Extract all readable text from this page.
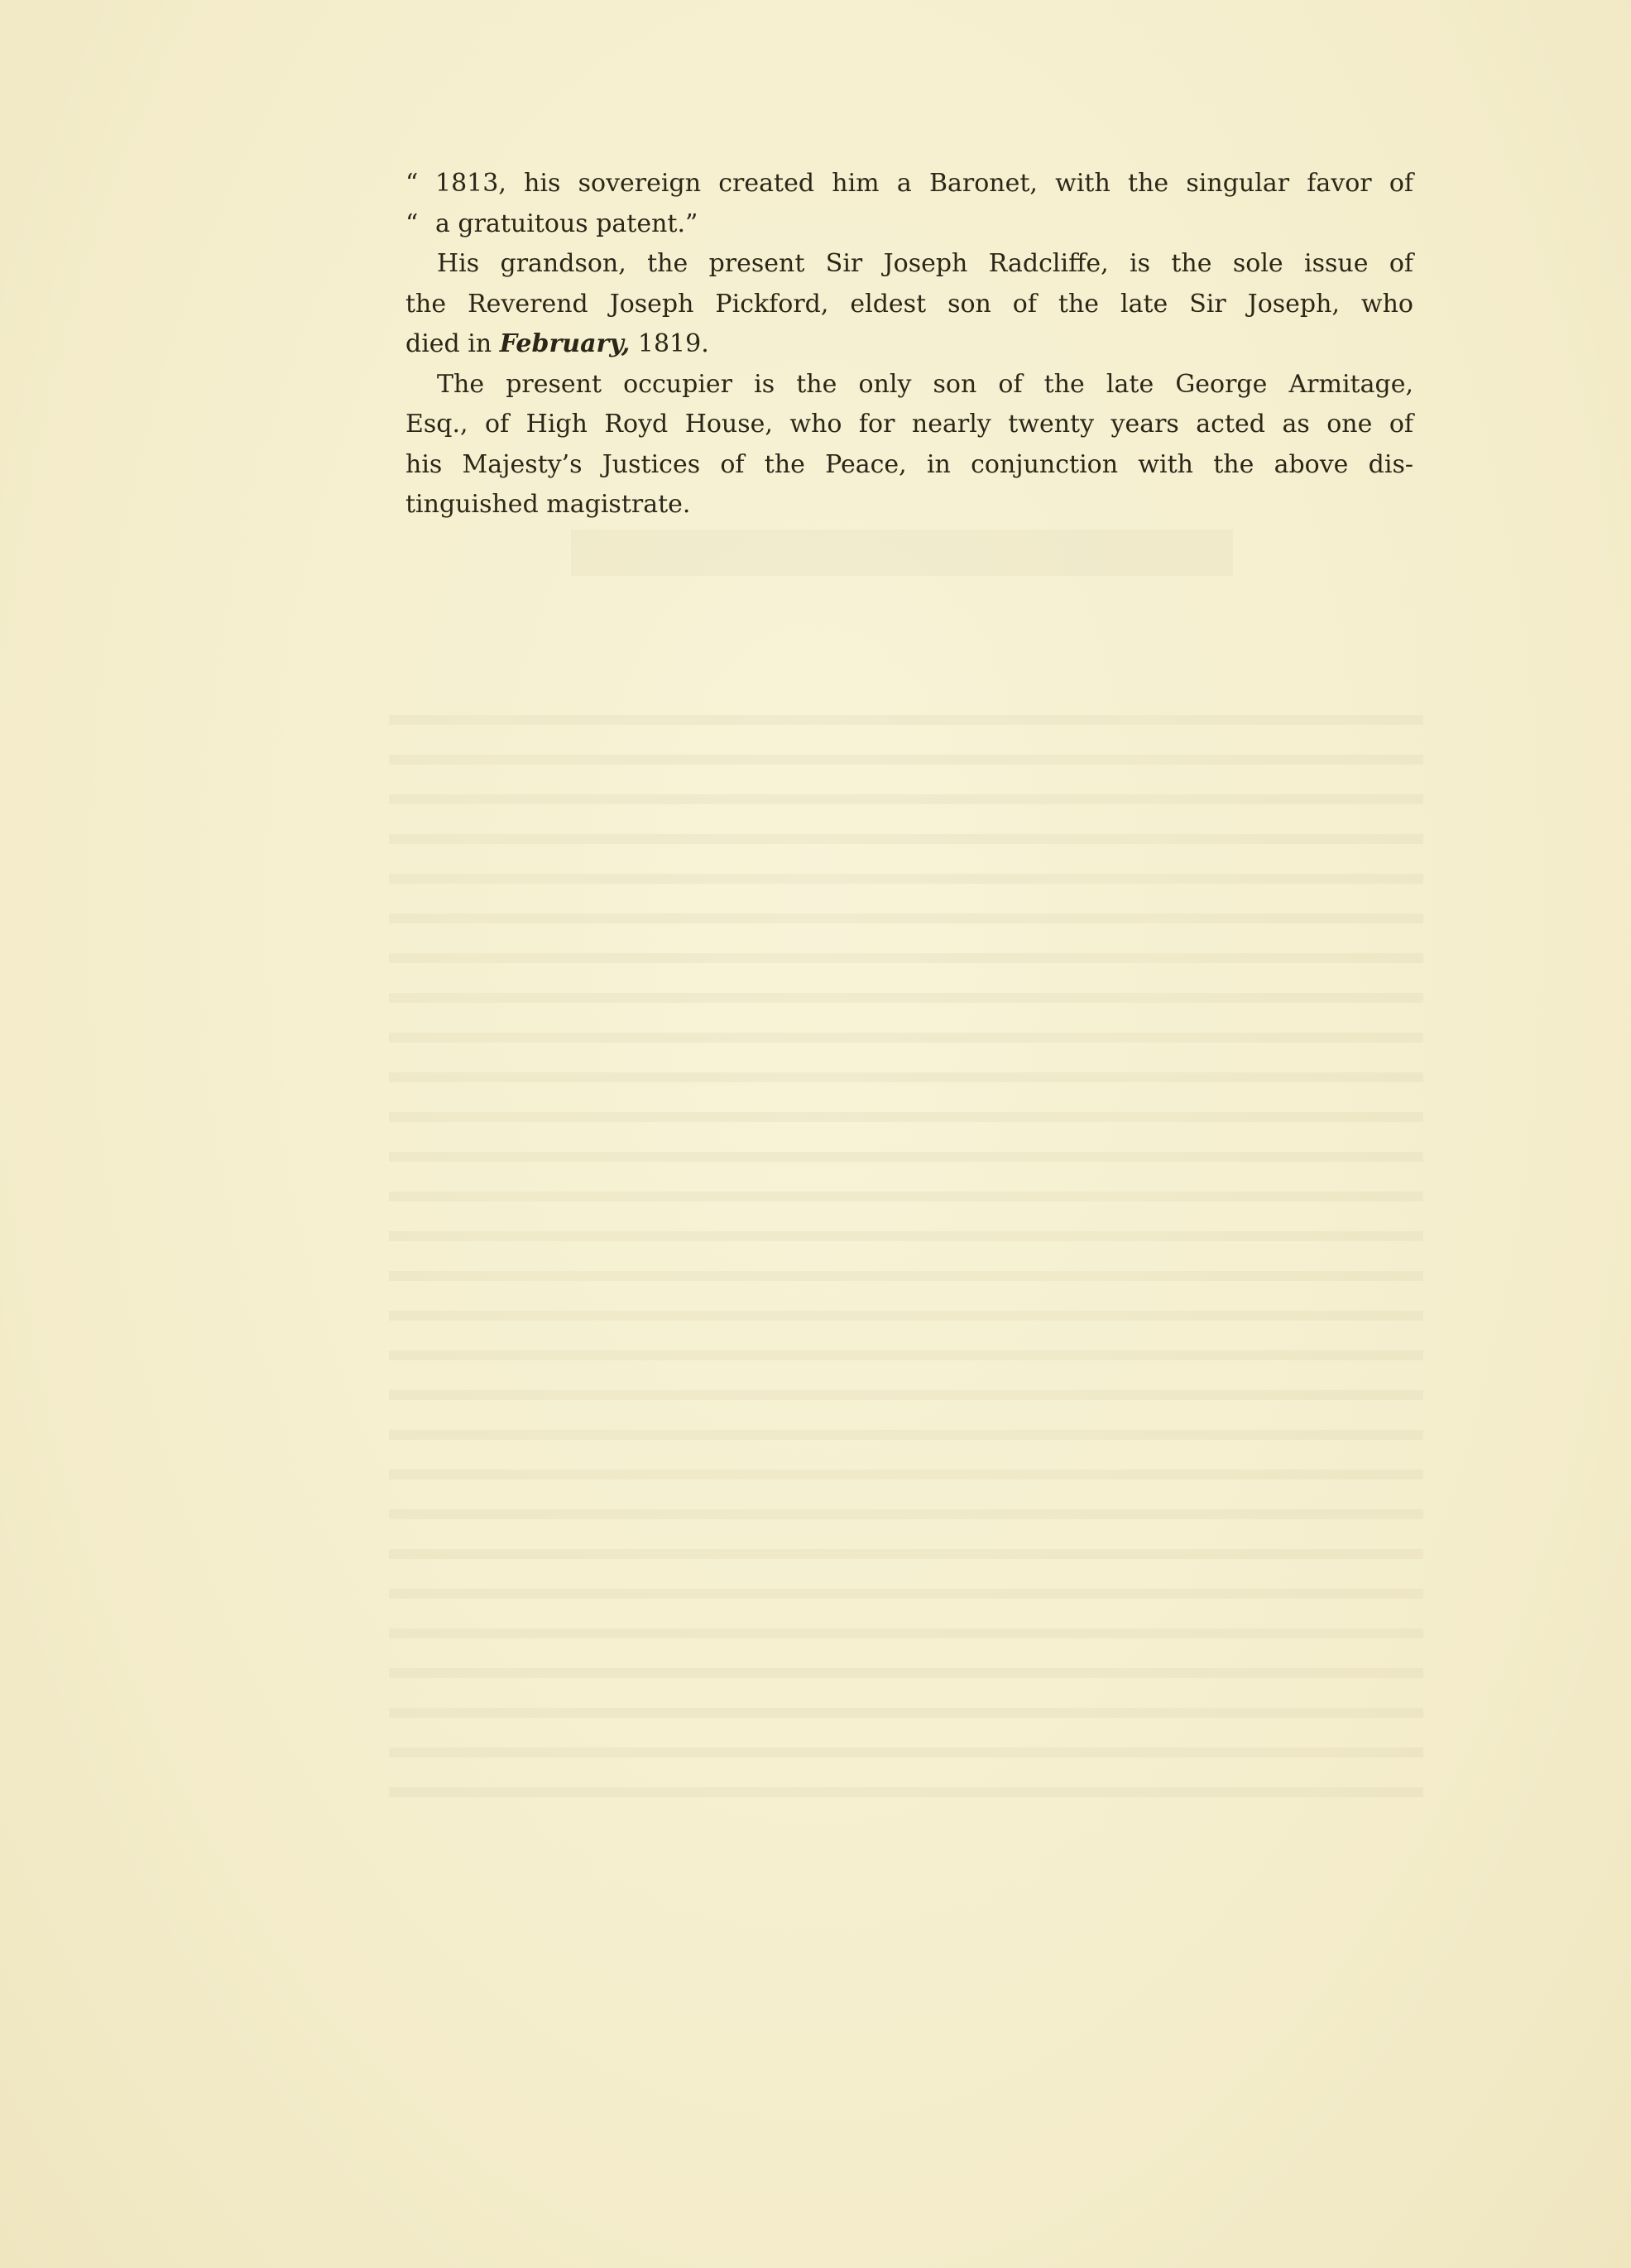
“ 1813, his sovereign created him a Baronet, with the singular favor of
“ a gratuitous patent.”
His grandson, the present Sir Joseph Radcliffe, is the sole issue of
the Reverend Joseph Pickford, eldest son of the late Sir Joseph, who
died in February, 1819.
The present occupier is the only son of the late George Armitage,
Esq., of High Royd House, who for nearly twenty years acted as one of
his Majesty’s Justices of the Peace, in conjunction with the above dis-
tinguished magistrate.
